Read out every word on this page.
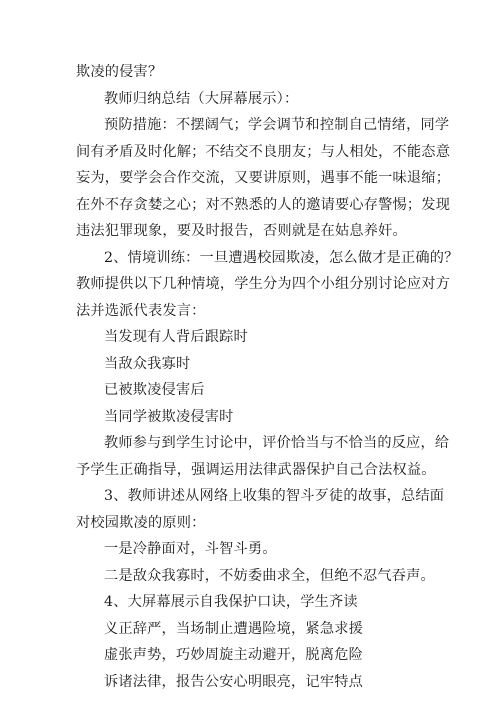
欺凌的侵害？
教师归纳总结（大屏幕展示）：
预防措施：不摆阔气；学会调节和控制自己情绪，同学
间有矛盾及时化解；不结交不良朋友；与人相处，不能态意
妄为，要学会合作交流，又要讲原则，遇事不能一味退缩；
在外不存贪婪之心；对不熟悉的人的邀请要心存警惕；发现
违法犯罪现象，要及时报告，否则就是在姑息养奸。
2、情境训练：一旦遭遇校园欺凌，怎么做才是正确的？
教师提供以下几种情境，学生分为四个小组分别讨论应对方
法并选派代表发言：
当发现有人背后跟踪时
当敌众我寡时
已被欺凌侵害后
当同学被欺凌侵害时
教师参与到学生讨论中，评价恰当与不恰当的反应，给
予学生正确指导，强调运用法律武器保护自己合法权益。
3、教师讲述从网络上收集的智斗歹徒的故事，总结面
对校园欺凌的原则：
一是冷静面对，斗智斗勇。
二是敌众我寡时，不妨委曲求全，但绝不忍气吞声。
4、大屏幕展示自我保护口诀，学生齐读
义正辞严，当场制止遭遇险境，紧急求援
虚张声势，巧妙周旋主动避开，脱离危险
诉诸法律，报告公安心明眼亮，记牢特点
